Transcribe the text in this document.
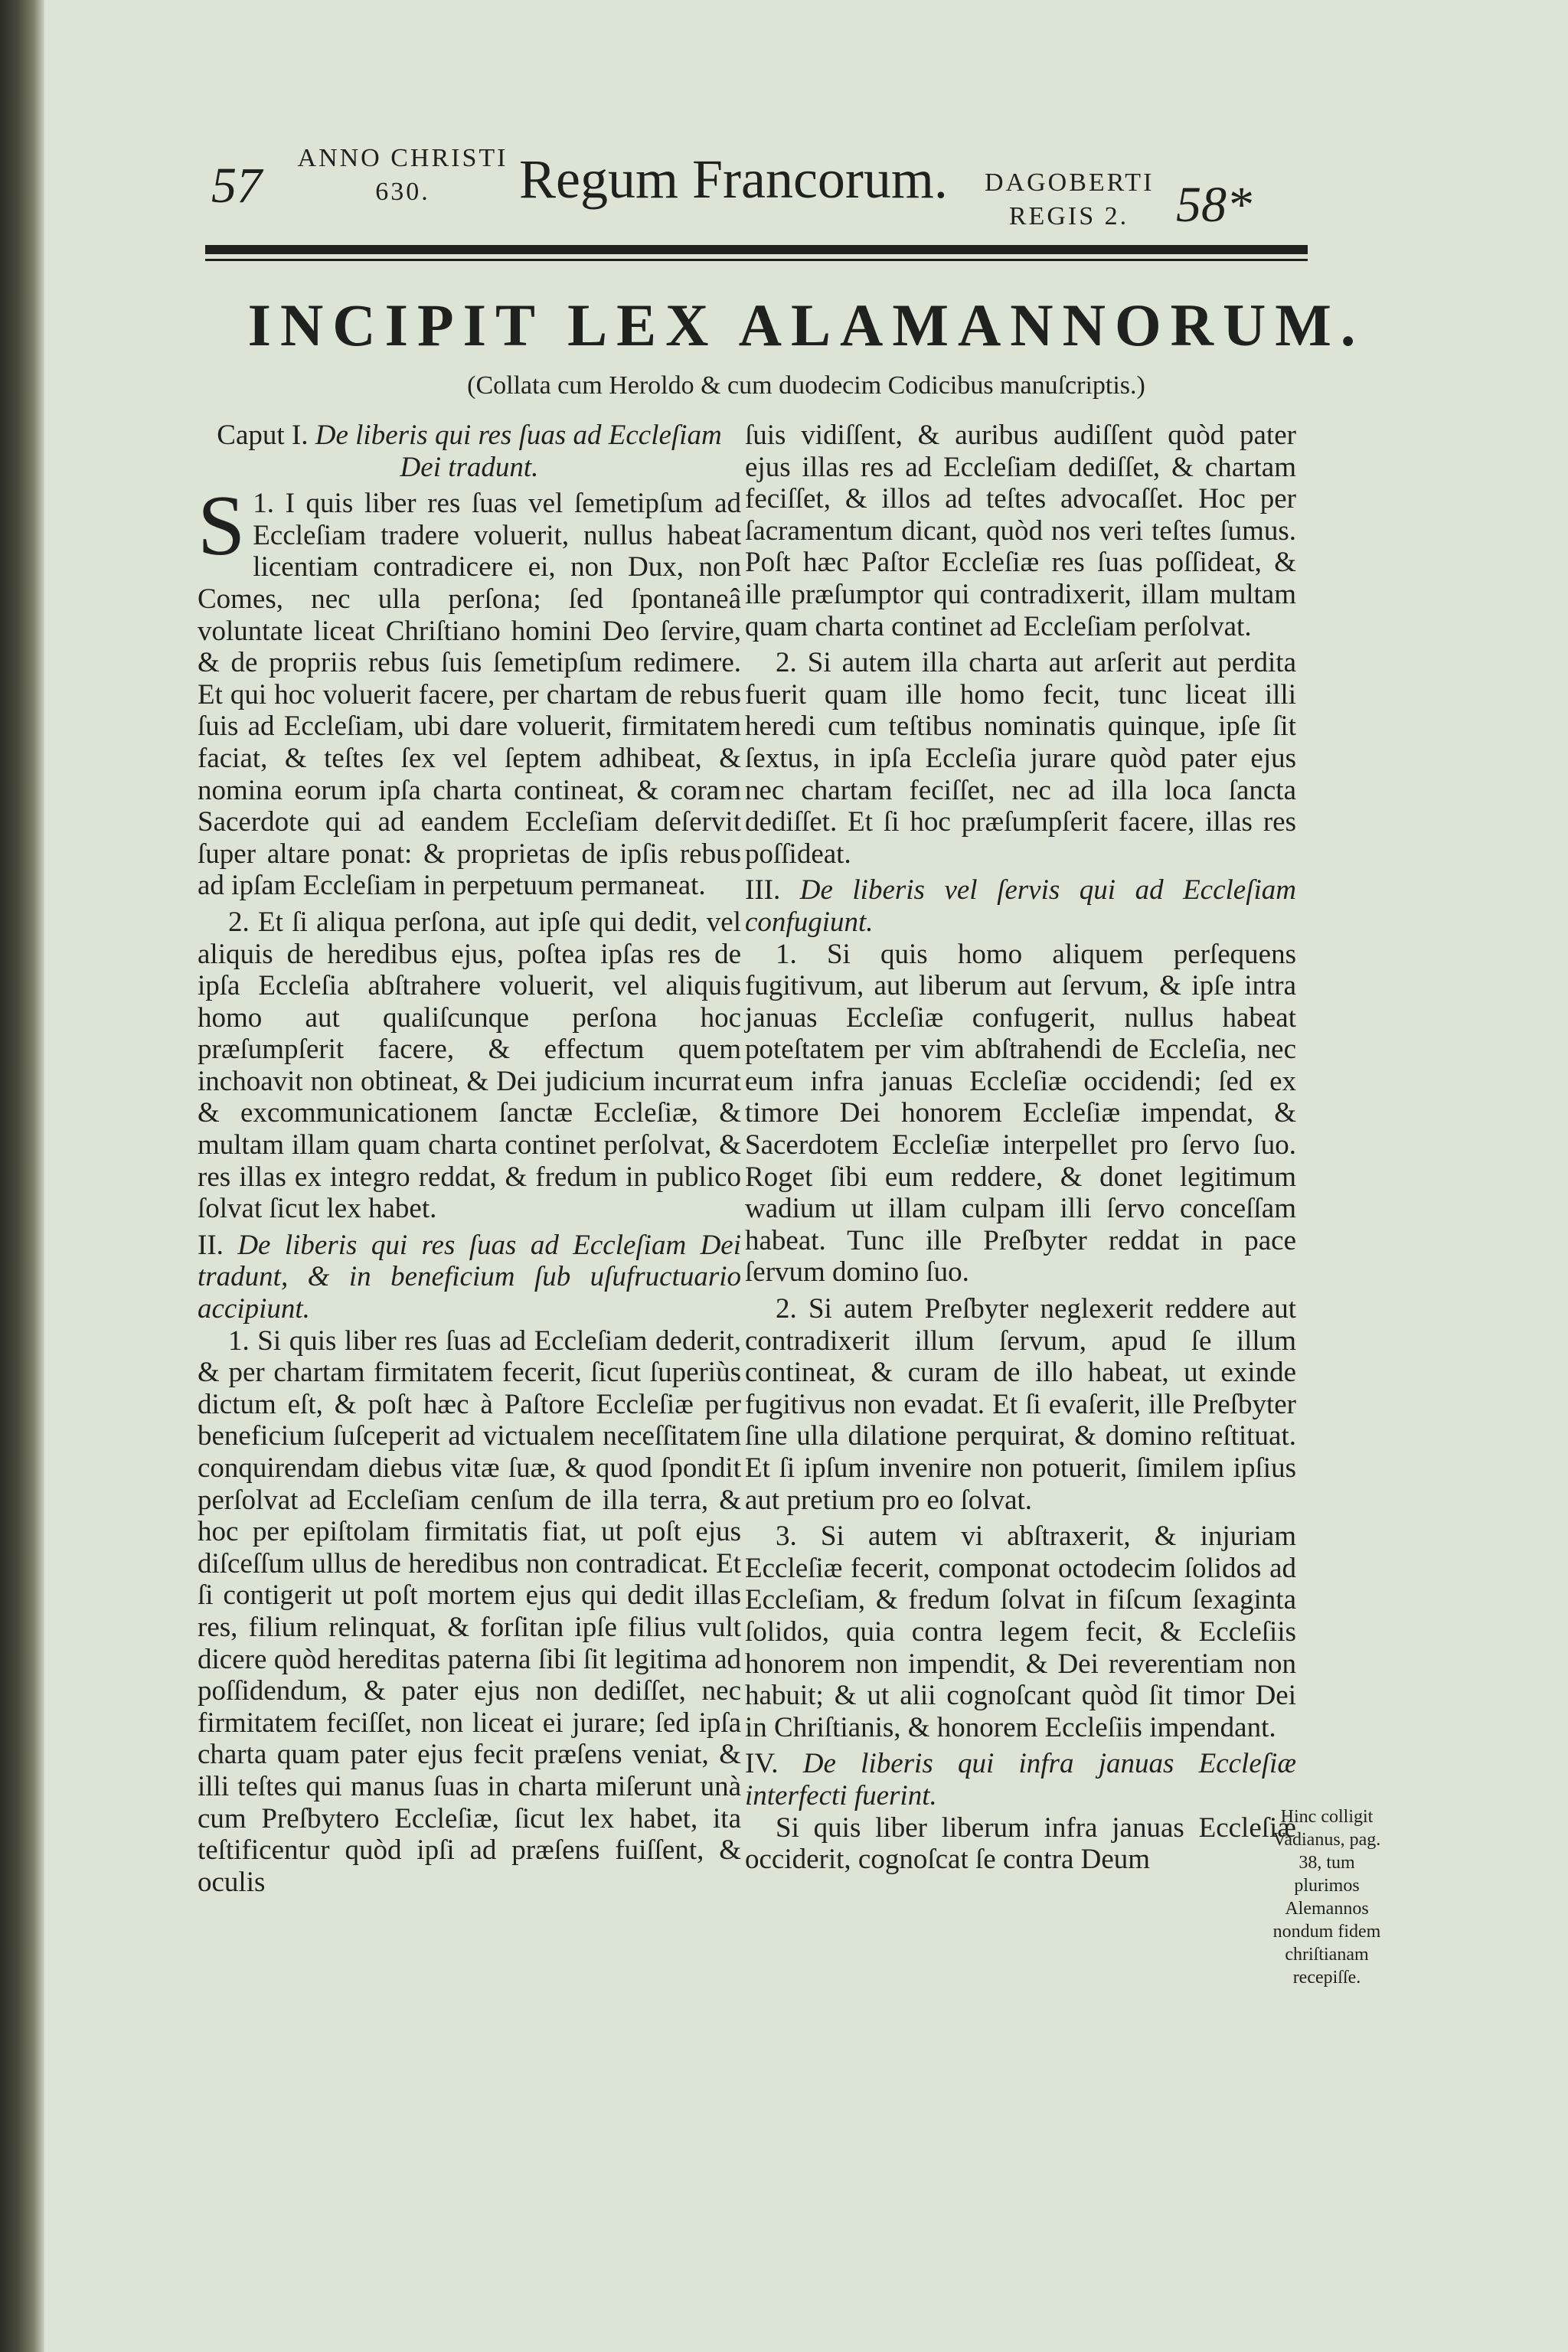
57	ANNO CHRISTI
630.	Regum Francorum. DAGOBERTI
REGIS 2. 58*
INCIPIT LEX ALAMANNORUM.
(Collata cum Heroldo & cum duodecim Codicibus manuſcriptis.)

Caput I. De liberis qui res ſuas ad Eccleſiam Dei tradunt.

1.
S I quis liber res ſuas vel ſemetipſum ad Eccleſiam tradere voluerit, nullus habeat licentiam contradicere ei, non Dux, non Comes, nec ulla perſona; ſed ſpontaneâ voluntate liceat Chriſtiano homini Deo ſervire, & de propriis rebus ſuis ſemetipſum redimere. Et qui hoc voluerit facere, per chartam de rebus ſuis ad Eccleſiam, ubi dare voluerit, firmitatem faciat, & teſtes ſex vel ſeptem adhibeat, & nomina eorum ipſa charta contineat, & coram Sacerdote qui ad eandem Eccleſiam deſervit ſuper altare ponat: & proprietas de ipſis rebus ad ipſam Eccleſiam in perpetuum permaneat.

2. Et ſi aliqua perſona, aut ipſe qui dedit, vel aliquis de heredibus ejus, poſtea ipſas res de ipſa Eccleſia abſtrahere voluerit, vel aliquis homo aut qualiſcunque perſona hoc præſumpſerit facere, & effectum quem inchoavit non obtineat, & Dei judicium incurrat & excommunicationem ſanctæ Eccleſiæ, & multam illam quam charta continet perſolvat, & res illas ex integro reddat, & fredum in publico ſolvat ſicut lex habet.

II. De liberis qui res ſuas ad Eccleſiam Dei tradunt, & in beneficium ſub uſufructuario accipiunt.

1. Si quis liber res ſuas ad Eccleſiam dederit, & per chartam firmitatem fecerit, ſicut ſuperiùs dictum eſt, & poſt hæc à Paſtore Eccleſiæ per beneficium ſuſceperit ad victualem neceſſitatem conquirendam diebus vitæ ſuæ, & quod ſpondit perſolvat ad Eccleſiam cenſum de illa terra, & hoc per epiſtolam firmitatis fiat, ut poſt ejus diſceſſum ullus de heredibus non contradicat. Et ſi contigerit ut poſt mortem ejus qui dedit illas res, filium relinquat, & forſitan ipſe filius vult dicere quòd hereditas paterna ſibi ſit legitima ad poſſidendum, & pater ejus non dediſſet, nec firmitatem feciſſet, non liceat ei jurare; ſed ipſa charta quam pater ejus fecit præſens veniat, & illi teſtes qui manus ſuas in charta miſerunt unà cum Preſbytero Eccleſiæ, ſicut lex habet, ita teſtificentur quòd ipſi ad præſens fuiſſent, & oculis

ſuis vidiſſent, & auribus audiſſent quòd pater ejus illas res ad Eccleſiam dediſſet, & chartam feciſſet, & illos ad teſtes advocaſſet. Hoc per ſacramentum dicant, quòd nos veri teſtes ſumus. Poſt hæc Paſtor Eccleſiæ res ſuas poſſideat, & ille præſumptor qui contradixerit, illam multam quam charta continet ad Eccleſiam perſolvat.

2. Si autem illa charta aut arſerit aut perdita fuerit quam ille homo fecit, tunc liceat illi heredi cum teſtibus nominatis quinque, ipſe ſit ſextus, in ipſa Eccleſia jurare quòd pater ejus nec chartam feciſſet, nec ad illa loca ſancta dediſſet. Et ſi hoc præſumpſerit facere, illas res poſſideat.

III. De liberis vel ſervis qui ad Eccleſiam confugiunt.

1. Si quis homo aliquem perſequens fugitivum, aut liberum aut ſervum, & ipſe intra januas Eccleſiæ confugerit, nullus habeat poteſtatem per vim abſtrahendi de Eccleſia, nec eum infra januas Eccleſiæ occidendi; ſed ex timore Dei honorem Eccleſiæ impendat, & Sacerdotem Eccleſiæ interpellet pro ſervo ſuo. Roget ſibi eum reddere, & donet legitimum wadium ut illam culpam illi ſervo conceſſam habeat. Tunc ille Preſbyter reddat in pace ſervum domino ſuo.

2. Si autem Preſbyter neglexerit reddere aut contradixerit illum ſervum, apud ſe illum contineat, & curam de illo habeat, ut exinde fugitivus non evadat. Et ſi evaſerit, ille Preſbyter ſine ulla dilatione perquirat, & domino reſtituat. Et ſi ipſum invenire non potuerit, ſimilem ipſius aut pretium pro eo ſolvat.

3. Si autem vi abſtraxerit, & injuriam Eccleſiæ fecerit, componat octodecim ſolidos ad Eccleſiam, & fredum ſolvat in fiſcum ſexaginta ſolidos, quia contra legem fecit, & Eccleſiis honorem non impendit, & Dei reverentiam non habuit; & ut alii cognoſcant quòd ſit timor Dei in Chriſtianis, & honorem Eccleſiis impendant.

IV. De liberis qui infra januas Eccleſiæ interfecti fuerint.

Si quis liber liberum infra januas Eccleſiæ occiderit, cognoſcat ſe contra Deum

Hinc colligit Vadianus, pag. 38, tum plurimos Alemannos nondum fidem chriſtianam recepiſſe.
